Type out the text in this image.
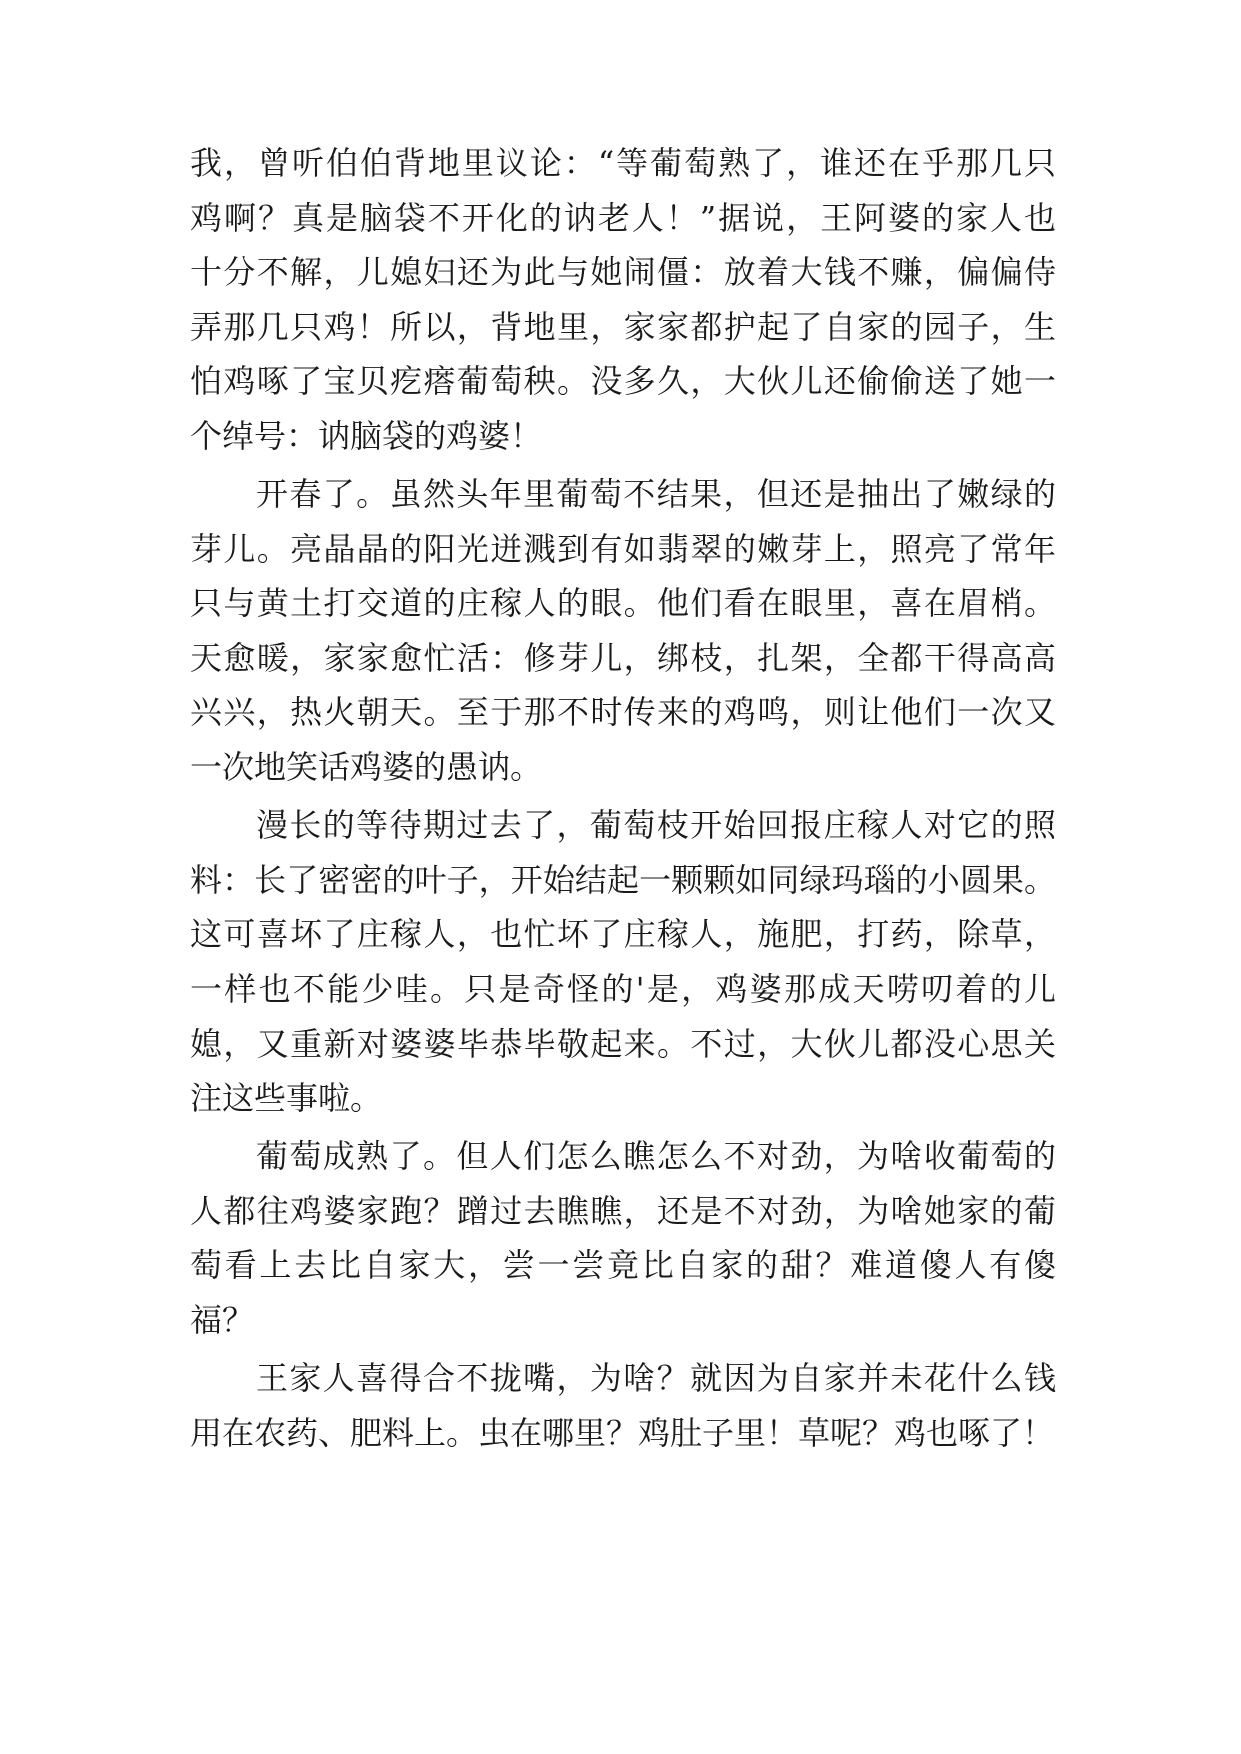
我，曾听伯伯背地里议论：“等葡萄熟了，谁还在乎那几只
鸡啊？真是脑袋不开化的讷老人！”据说，王阿婆的家人也
十分不解，儿媳妇还为此与她闹僵：放着大钱不赚，偏偏侍
弄那几只鸡！所以，背地里，家家都护起了自家的园子，生
怕鸡啄了宝贝疙瘩葡萄秧。没多久，大伙儿还偷偷送了她一
个绰号：讷脑袋的鸡婆！
开春了。虽然头年里葡萄不结果，但还是抽出了嫩绿的
芽儿。亮晶晶的阳光迸溅到有如翡翠的嫩芽上，照亮了常年
只与黄土打交道的庄稼人的眼。他们看在眼里，喜在眉梢。
天愈暖，家家愈忙活：修芽儿，绑枝，扎架，全都干得高高
兴兴，热火朝天。至于那不时传来的鸡鸣，则让他们一次又
一次地笑话鸡婆的愚讷。
漫长的等待期过去了，葡萄枝开始回报庄稼人对它的照
料：长了密密的叶子，开始结起一颗颗如同绿玛瑙的小圆果。
这可喜坏了庄稼人，也忙坏了庄稼人，施肥，打药，除草，
一样也不能少哇。只是奇怪的'是，鸡婆那成天唠叨着的儿
媳，又重新对婆婆毕恭毕敬起来。不过，大伙儿都没心思关
注这些事啦。
葡萄成熟了。但人们怎么瞧怎么不对劲，为啥收葡萄的
人都往鸡婆家跑？蹭过去瞧瞧，还是不对劲，为啥她家的葡
萄看上去比自家大，尝一尝竟比自家的甜？难道傻人有傻
福？
王家人喜得合不拢嘴，为啥？就因为自家并未花什么钱
用在农药、肥料上。虫在哪里？鸡肚子里！草呢？鸡也啄了！
